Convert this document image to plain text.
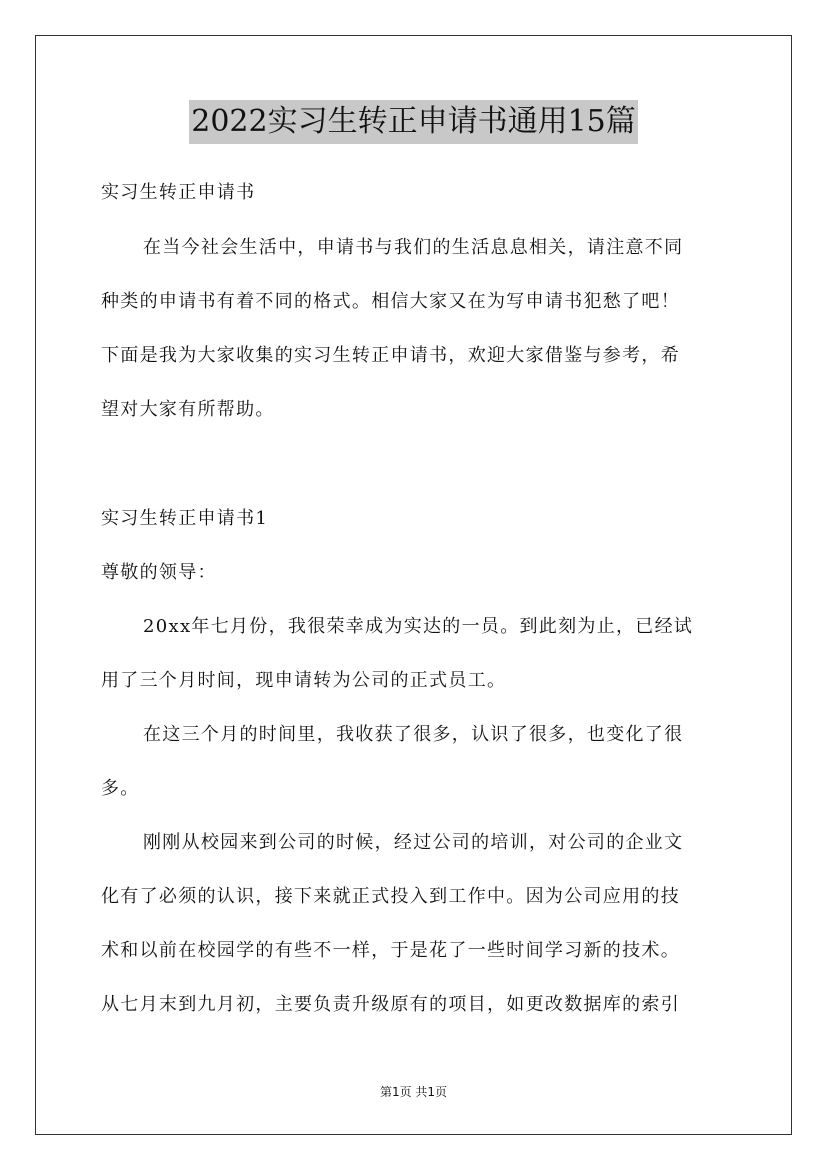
2022实习生转正申请书通用15篇
实习生转正申请书
在当今社会生活中，申请书与我们的生活息息相关，请注意不同
种类的申请书有着不同的格式。相信大家又在为写申请书犯愁了吧！
下面是我为大家收集的实习生转正申请书，欢迎大家借鉴与参考，希
望对大家有所帮助。
实习生转正申请书1
尊敬的领导：
20xx年七月份，我很荣幸成为实达的一员。到此刻为止，已经试
用了三个月时间，现申请转为公司的正式员工。
在这三个月的时间里，我收获了很多，认识了很多，也变化了很
多。
刚刚从校园来到公司的时候，经过公司的培训，对公司的企业文
化有了必须的认识，接下来就正式投入到工作中。因为公司应用的技
术和以前在校园学的有些不一样，于是花了一些时间学习新的技术。
从七月末到九月初，主要负责升级原有的项目，如更改数据库的索引
第1页 共1页
